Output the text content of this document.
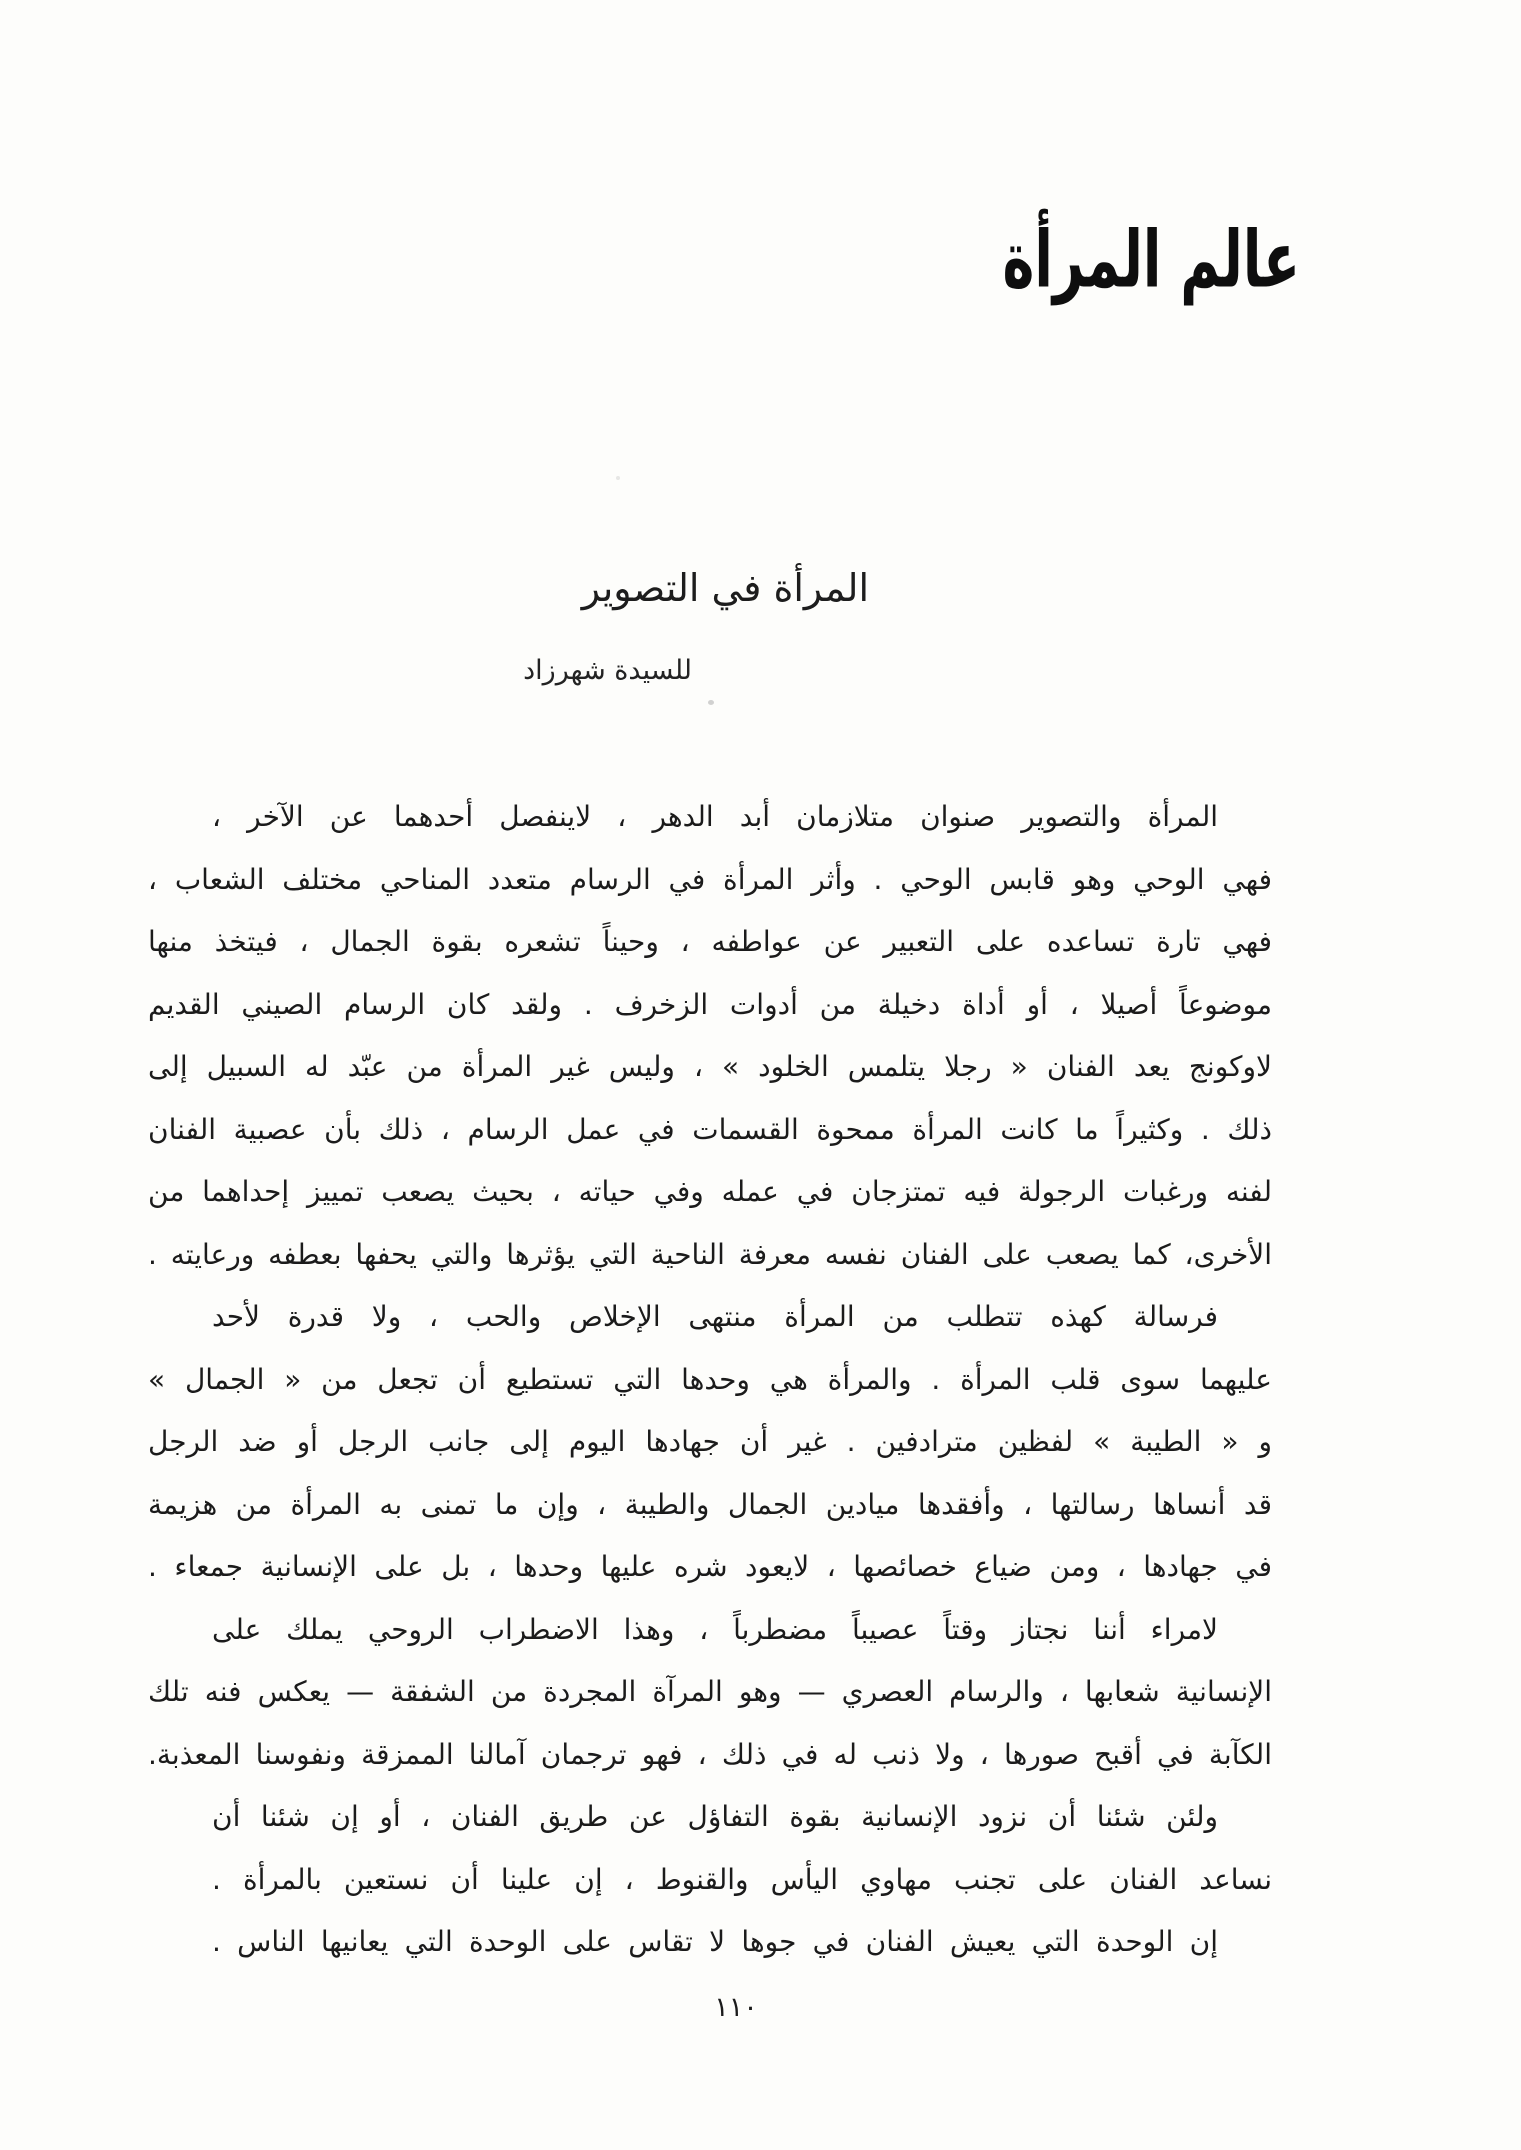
عالم المرأة
المرأة في التصوير
للسيدة شهرزاد
المرأة والتصوير صنوان متلازمان أبد الدهر ، لاينفصل أحدهما عن الآخر ،
فهي الوحي وهو قابس الوحي . وأثر المرأة في الرسام متعدد المناحي مختلف الشعاب ،
فهي تارة تساعده على التعبير عن عواطفه ، وحيناً تشعره بقوة الجمال ، فيتخذ منها
موضوعاً أصيلا ، أو أداة دخيلة من أدوات الزخرف . ولقد كان الرسام الصيني القديم
لاوكونج يعد الفنان « رجلا يتلمس الخلود » ، وليس غير المرأة من عبّد له السبيل إلى
ذلك . وكثيراً ما كانت المرأة ممحوة القسمات في عمل الرسام ، ذلك بأن عصبية الفنان
لفنه ورغبات الرجولة فيه تمتزجان في عمله وفي حياته ، بحيث يصعب تمييز إحداهما من
الأخرى، كما يصعب على الفنان نفسه معرفة الناحية التي يؤثرها والتي يحفها بعطفه ورعايته .
فرسالة كهذه تتطلب من المرأة منتهى الإخلاص والحب ، ولا قدرة لأحد
عليهما سوى قلب المرأة . والمرأة هي وحدها التي تستطيع أن تجعل من « الجمال »
و « الطيبة » لفظين مترادفين . غير أن جهادها اليوم إلى جانب الرجل أو ضد الرجل
قد أنساها رسالتها ، وأفقدها ميادين الجمال والطيبة ، وإن ما تمنى به المرأة من هزيمة
في جهادها ، ومن ضياع خصائصها ، لايعود شره عليها وحدها ، بل على الإنسانية جمعاء .
لامراء أننا نجتاز وقتاً عصيباً مضطرباً ، وهذا الاضطراب الروحي يملك على
الإنسانية شعابها ، والرسام العصري — وهو المرآة المجردة من الشفقة — يعكس فنه تلك
الكآبة في أقبح صورها ، ولا ذنب له في ذلك ، فهو ترجمان آمالنا الممزقة ونفوسنا المعذبة.
ولئن شئنا أن نزود الإنسانية بقوة التفاؤل عن طريق الفنان ، أو إن شئنا أن
نساعد الفنان على تجنب مهاوي اليأس والقنوط ، إن علينا أن نستعين بالمرأة .
إن الوحدة التي يعيش الفنان في جوها لا تقاس على الوحدة التي يعانيها الناس .
١١٠
